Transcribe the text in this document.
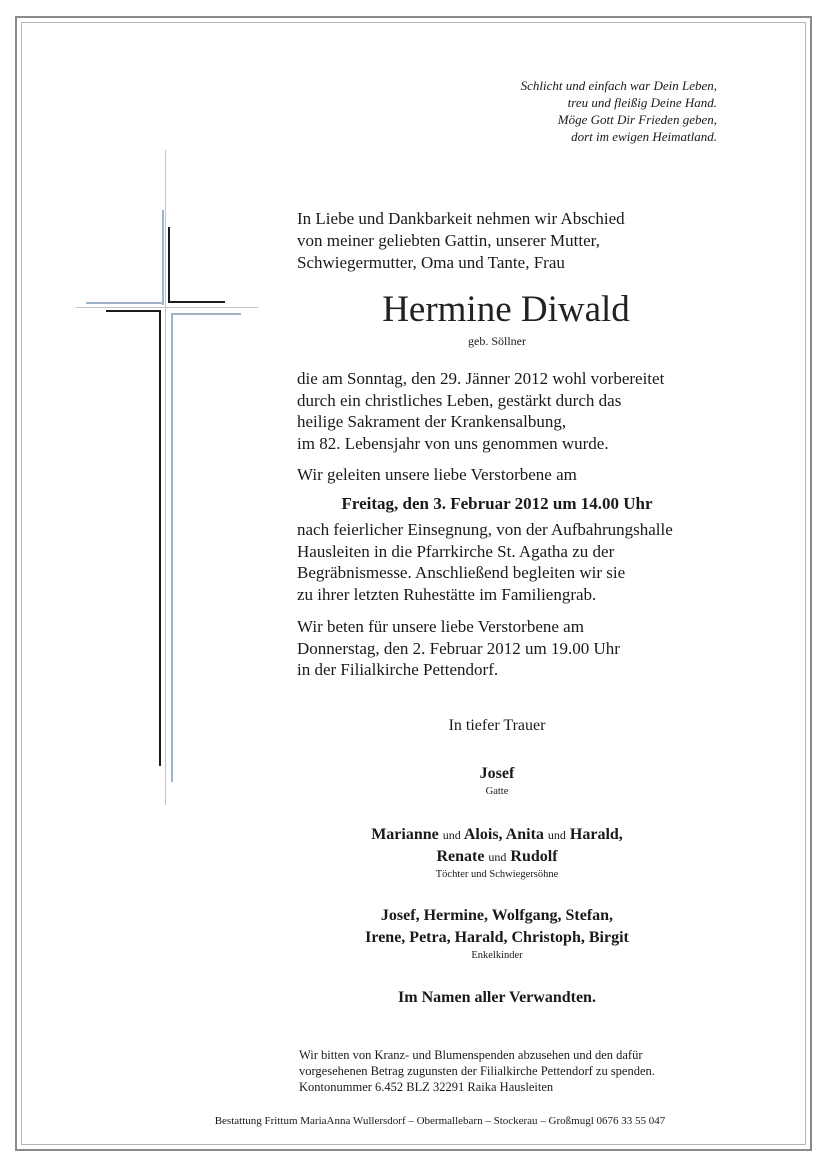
Schlicht und einfach war Dein Leben,
treu und fleißig Deine Hand.
Möge Gott Dir Frieden geben,
dort im ewigen Heimatland.
In Liebe und Dankbarkeit nehmen wir Abschied
von meiner geliebten Gattin, unserer Mutter,
Schwiegermutter, Oma und Tante, Frau
Hermine Diwald
geb. Söllner
die am Sonntag, den 29. Jänner 2012 wohl vorbereitet
durch ein christliches Leben, gestärkt durch das
heilige Sakrament der Krankensalbung,
im 82. Lebensjahr von uns genommen wurde.
Wir geleiten unsere liebe Verstorbene am
Freitag, den 3. Februar 2012 um 14.00 Uhr
nach feierlicher Einsegnung, von der Aufbahrungshalle
Hausleiten in die Pfarrkirche St. Agatha zu der
Begräbnismesse. Anschließend begleiten wir sie
zu ihrer letzten Ruhestätte im Familiengrab.
Wir beten für unsere liebe Verstorbene am
Donnerstag, den 2. Februar 2012 um 19.00 Uhr
in der Filialkirche Pettendorf.
In tiefer Trauer
Josef
Gatte
Marianne und Alois, Anita und Harald,
Renate und Rudolf
Töchter und Schwiegersöhne
Josef, Hermine, Wolfgang, Stefan,
Irene, Petra, Harald, Christoph, Birgit
Enkelkinder
Im Namen aller Verwandten.
Wir bitten von Kranz- und Blumenspenden abzusehen und den dafür
vorgesehenen Betrag zugunsten der Filialkirche Pettendorf zu spenden.
Kontonummer 6.452 BLZ 32291 Raika Hausleiten
Bestattung Frittum MariaAnna Wullersdorf – Obermallebarn – Stockerau – Großmugl 0676 33 55 047
